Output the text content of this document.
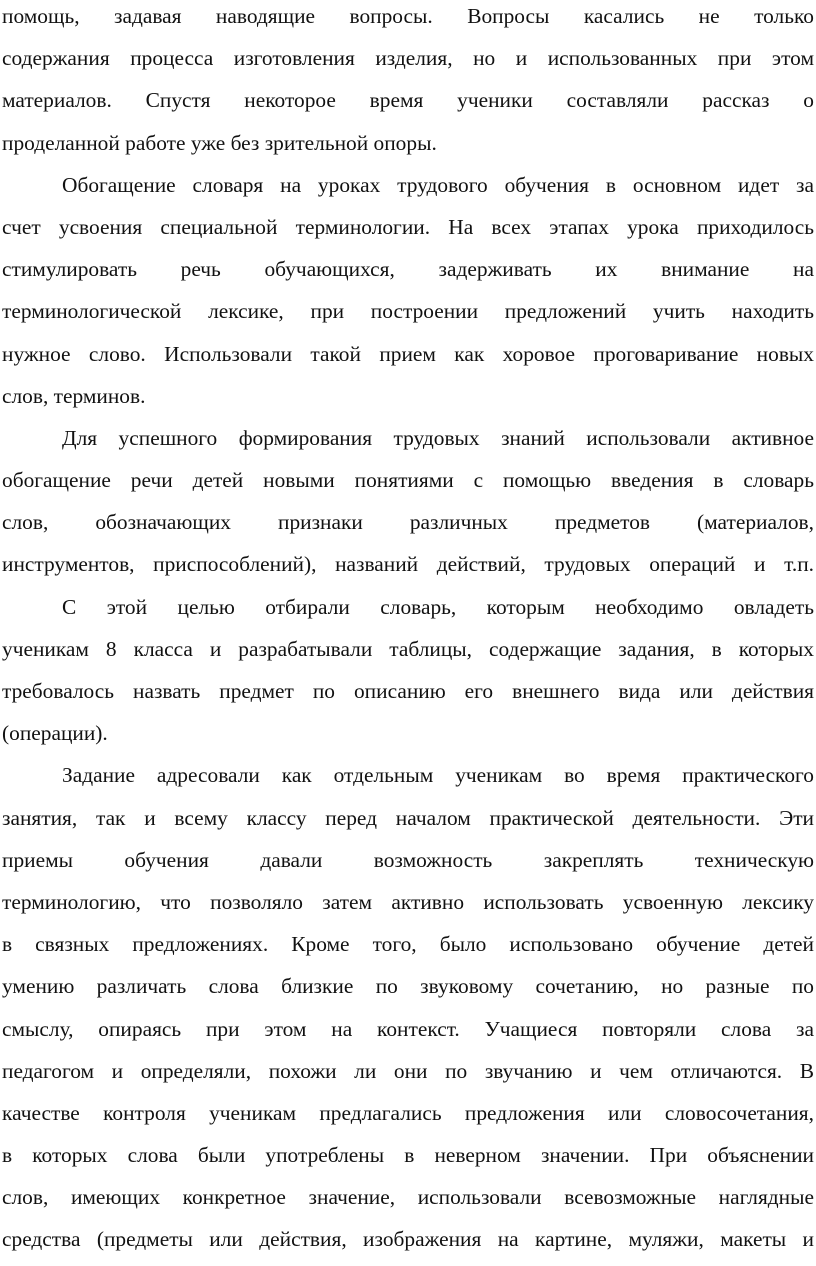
помощь, задавая наводящие вопросы. Вопросы касались не только
содержания процесса изготовления изделия, но и использованных при этом
материалов. Спустя некоторое время ученики составляли рассказ о
проделанной работе уже без зрительной опоры.
Обогащение словаря на уроках трудового обучения в основном идет за
счет усвоения специальной терминологии. На всех этапах урока приходилось
стимулировать речь обучающихся, задерживать их внимание на
терминологической лексике, при построении предложений учить находить
нужное слово. Использовали такой прием как хоровое проговаривание новых
слов, терминов.
Для успешного формирования трудовых знаний использовали активное
обогащение речи детей новыми понятиями с помощью введения в словарь
слов, обозначающих признаки различных предметов (материалов,
инструментов, приспособлений), названий действий, трудовых операций и т.п.
С этой целью отбирали словарь, которым необходимо овладеть
ученикам 8 класса и разрабатывали таблицы, содержащие задания, в которых
требовалось назвать предмет по описанию его внешнего вида или действия
(операции).
Задание адресовали как отдельным ученикам во время практического
занятия, так и всему классу перед началом практической деятельности. Эти
приемы обучения давали возможность закреплять техническую
терминологию, что позволяло затем активно использовать усвоенную лексику
в связных предложениях. Кроме того, было использовано обучение детей
умению различать слова близкие по звуковому сочетанию, но разные по
смыслу, опираясь при этом на контекст. Учащиеся повторяли слова за
педагогом и определяли, похожи ли они по звучанию и чем отличаются. В
качестве контроля ученикам предлагались предложения или словосочетания,
в которых слова были употреблены в неверном значении. При объяснении
слов, имеющих конкретное значение, использовали всевозможные наглядные
средства (предметы или действия, изображения на картине, муляжи, макеты и
